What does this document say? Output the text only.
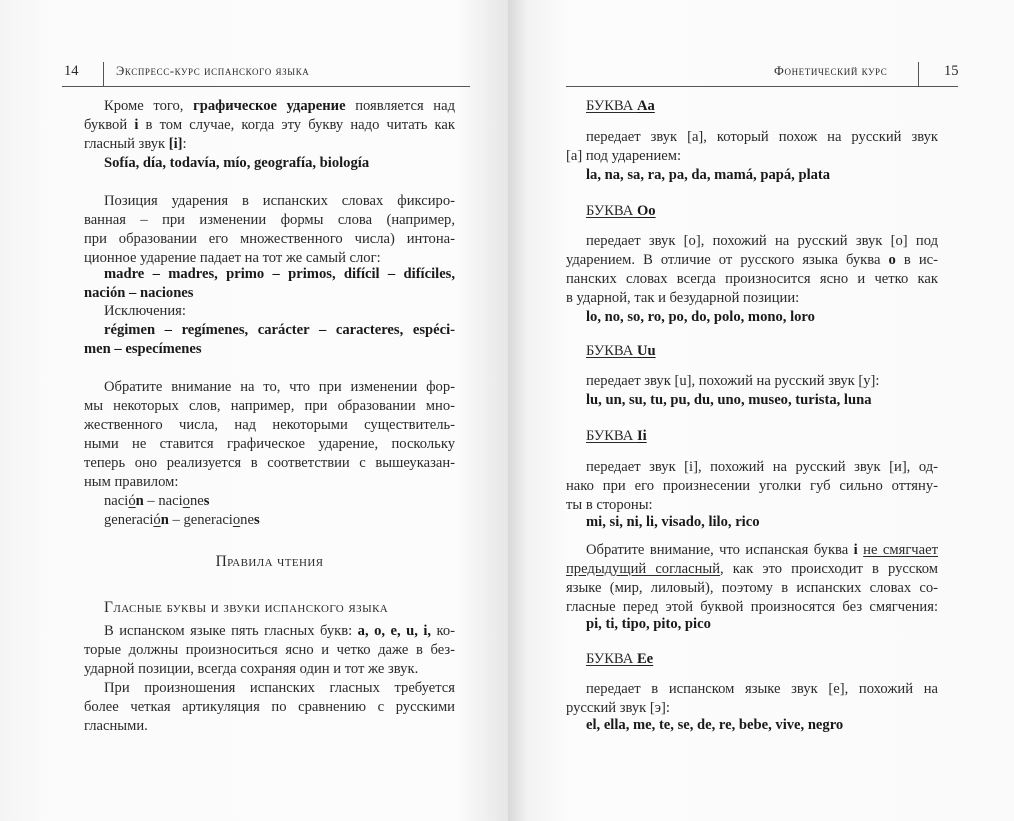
14	Экспресс-курс испанского языка
Кроме того, графическое ударение появляется над
буквой i в том случае, когда эту букву надо читать как
гласный звук [i]:
Sofía, día, todavía, mío, geografía, biología
Позиция ударения в испанских словах фиксиро-
ванная – при изменении формы слова (например,
при образовании его множественного числа) интона-
ционное ударение падает на тот же самый слог:
madre – madres, primo – primos, difícil – difíciles,
nación – naciones
Исключения:
régimen – regímenes, carácter – caracteres, espéci-
men – especímenes
Обратите внимание на то, что при изменении фор-
мы некоторых слов, например, при образовании мно-
жественного числа, над некоторыми существитель-
ными не ставится графическое ударение, поскольку
теперь оно реализуется в соответствии с вышеуказан-
ным правилом:
nación – naciones
generación – generaciones
Правила чтения
Гласные буквы и звуки испанского языка
В испанском языке пять гласных букв: a, o, e, u, i, ко-
торые должны произноситься ясно и четко даже в без-
ударной позиции, всегда сохраняя один и тот же звук.
При произношения испанских гласных требуется
более четкая артикуляция по сравнению с русскими
гласными.
Фонетический курс	15
БУКВА Aa
передает звук [a], который похож на русский звук
[а] под ударением:
la, na, sa, ra, pa, da, mamá, papá, plata
БУКВА Oo
передает звук [o], похожий на русский звук [о] под
ударением. В отличие от русского языка буква o в ис-
панских словах всегда произносится ясно и четко как
в ударной, так и безударной позиции:
lo, no, so, ro, po, do, polo, mono, loro
БУКВА Uu
передает звук [u], похожий на русский звук [у]:
lu, un, su, tu, pu, du, uno, museo, turista, luna
БУКВА Ii
передает звук [i], похожий на русский звук [и], од-
нако при его произнесении уголки губ сильно оттяну-
ты в стороны:
mi, si, ni, li, visado, lilo, rico
Обратите внимание, что испанская буква i не смягчает
предыдущий согласный, как это происходит в русском
языке (мир, лиловый), поэтому в испанских словах со-
гласные перед этой буквой произносятся без смягчения:
pi, ti, tipo, pito, pico
БУКВА Ee
передает в испанском языке звук [e], похожий на
русский звук [э]:
el, ella, me, te, se, de, re, bebe, vive, negro
